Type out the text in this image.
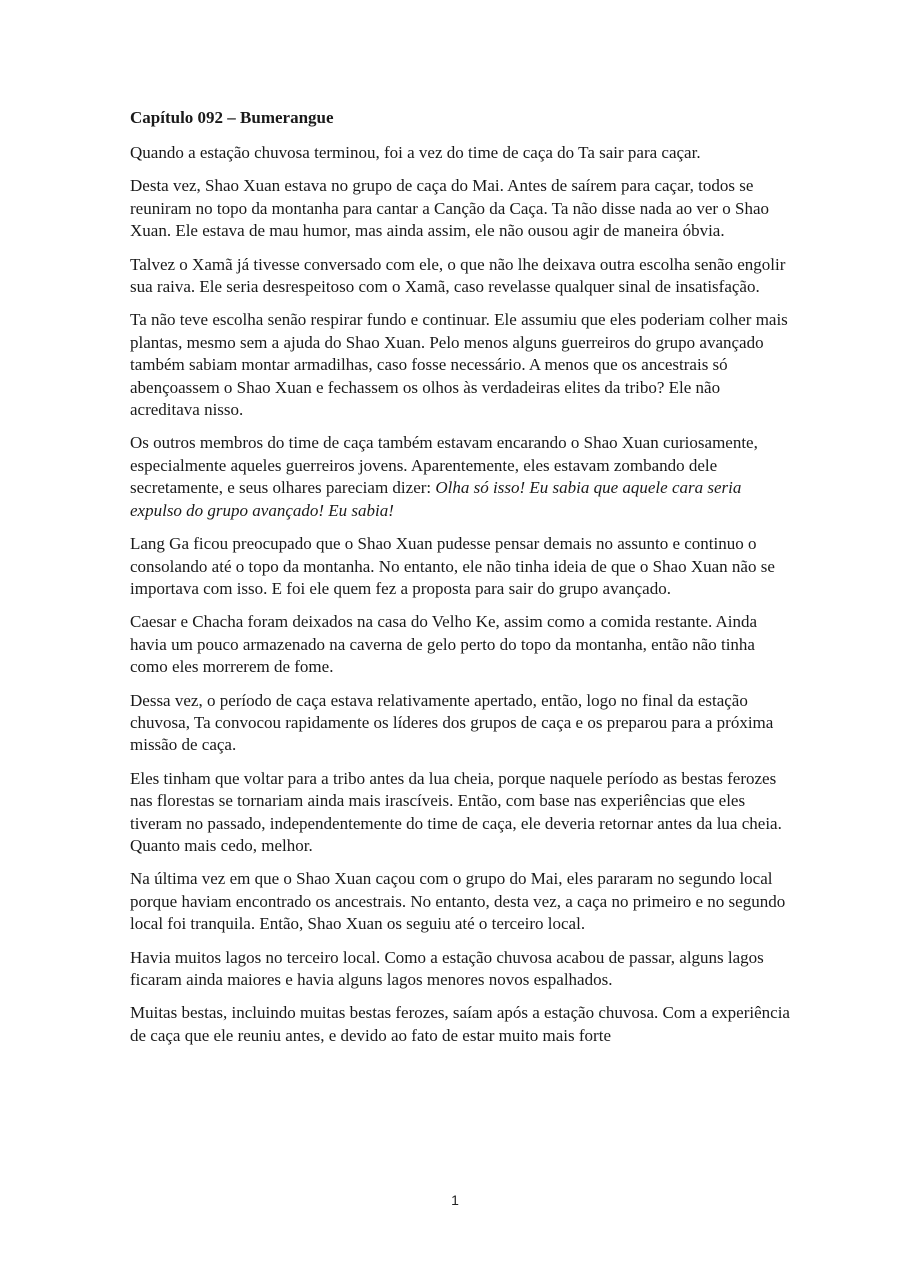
Capítulo 092 – Bumerangue

Quando a estação chuvosa terminou, foi a vez do time de caça do Ta sair para caçar.

Desta vez, Shao Xuan estava no grupo de caça do Mai. Antes de saírem para caçar, todos se reuniram no topo da montanha para cantar a Canção da Caça. Ta não disse nada ao ver o Shao Xuan. Ele estava de mau humor, mas ainda assim, ele não ousou agir de maneira óbvia.

Talvez o Xamã já tivesse conversado com ele, o que não lhe deixava outra escolha senão engolir sua raiva. Ele seria desrespeitoso com o Xamã, caso revelasse qualquer sinal de insatisfação.

Ta não teve escolha senão respirar fundo e continuar. Ele assumiu que eles poderiam colher mais plantas, mesmo sem a ajuda do Shao Xuan. Pelo menos alguns guerreiros do grupo avançado também sabiam montar armadilhas, caso fosse necessário. A menos que os ancestrais só abençoassem o Shao Xuan e fechassem os olhos às verdadeiras elites da tribo? Ele não acreditava nisso.

Os outros membros do time de caça também estavam encarando o Shao Xuan curiosamente, especialmente aqueles guerreiros jovens. Aparentemente, eles estavam zombando dele secretamente, e seus olhares pareciam dizer: Olha só isso! Eu sabia que aquele cara seria expulso do grupo avançado! Eu sabia!

Lang Ga ficou preocupado que o Shao Xuan pudesse pensar demais no assunto e continuo o consolando até o topo da montanha. No entanto, ele não tinha ideia de que o Shao Xuan não se importava com isso. E foi ele quem fez a proposta para sair do grupo avançado.

Caesar e Chacha foram deixados na casa do Velho Ke, assim como a comida restante. Ainda havia um pouco armazenado na caverna de gelo perto do topo da montanha, então não tinha como eles morrerem de fome.

Dessa vez, o período de caça estava relativamente apertado, então, logo no final da estação chuvosa, Ta convocou rapidamente os líderes dos grupos de caça e os preparou para a próxima missão de caça.

Eles tinham que voltar para a tribo antes da lua cheia, porque naquele período as bestas ferozes nas florestas se tornariam ainda mais irascíveis. Então, com base nas experiências que eles tiveram no passado, independentemente do time de caça, ele deveria retornar antes da lua cheia. Quanto mais cedo, melhor.

Na última vez em que o Shao Xuan caçou com o grupo do Mai, eles pararam no segundo local porque haviam encontrado os ancestrais. No entanto, desta vez, a caça no primeiro e no segundo local foi tranquila. Então, Shao Xuan os seguiu até o terceiro local.

Havia muitos lagos no terceiro local. Como a estação chuvosa acabou de passar, alguns lagos ficaram ainda maiores e havia alguns lagos menores novos espalhados.

Muitas bestas, incluindo muitas bestas ferozes, saíam após a estação chuvosa. Com a experiência de caça que ele reuniu antes, e devido ao fato de estar muito mais forte

1
